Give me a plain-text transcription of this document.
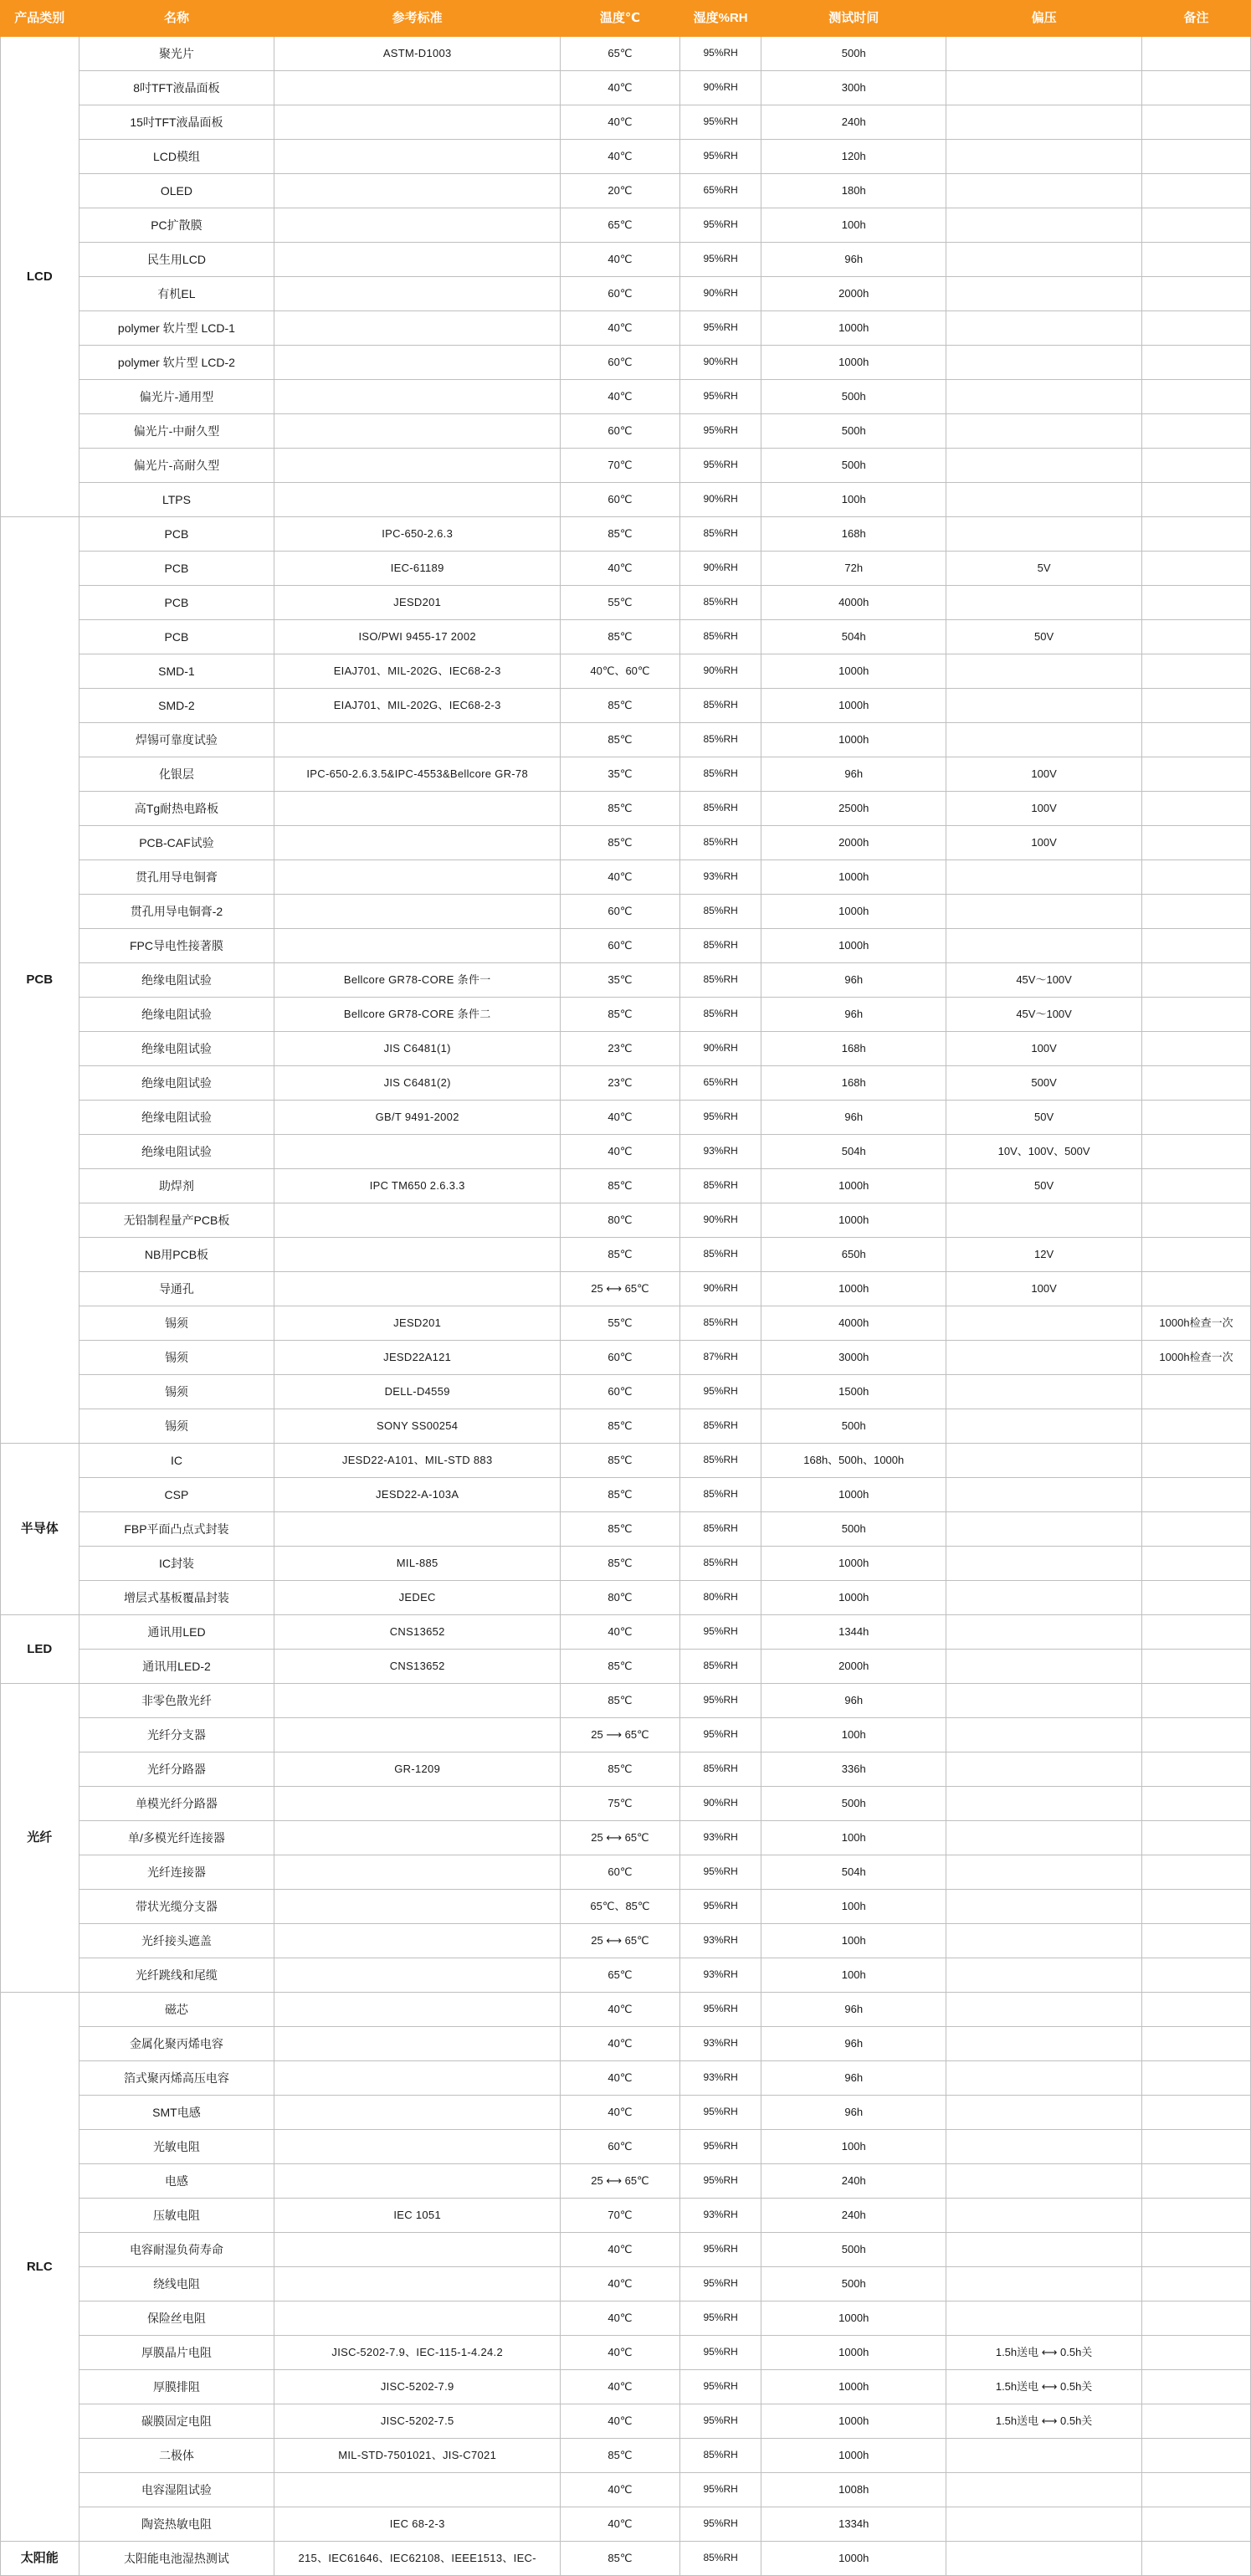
产品类别	名称	参考标准	温度℃	湿度%RH	测试时间	偏压	备注
LCD	聚光片	ASTM-D1003	65℃	95%RH	500h		
	8吋TFT液晶面板		40℃	90%RH	300h		
	15吋TFT液晶面板		40℃	95%RH	240h		
	LCD模组		40℃	95%RH	120h		
	OLED		20℃	65%RH	180h		
	PC扩散膜		65℃	95%RH	100h		
	民生用LCD		40℃	95%RH	96h		
	有机EL		60℃	90%RH	2000h		
	polymer 软片型 LCD-1		40℃	95%RH	1000h		
	polymer 软片型 LCD-2		60℃	90%RH	1000h		
	偏光片-通用型		40℃	95%RH	500h		
	偏光片-中耐久型		60℃	95%RH	500h		
	偏光片-高耐久型		70℃	95%RH	500h		
	LTPS		60℃	90%RH	100h		
PCB	PCB	IPC-650-2.6.3	85℃	85%RH	168h		
	PCB	IEC-61189	40℃	90%RH	72h	5V	
	PCB	JESD201	55℃	85%RH	4000h		
	PCB	ISO/PWI 9455-17 2002	85℃	85%RH	504h	50V	
	SMD-1	EIAJ701、MIL-202G、IEC68-2-3	40℃、60℃	90%RH	1000h		
	SMD-2	EIAJ701、MIL-202G、IEC68-2-3	85℃	85%RH	1000h		
	焊锡可靠度试验		85℃	85%RH	1000h		
	化银层	IPC-650-2.6.3.5&IPC-4553&Bellcore GR-78	35℃	85%RH	96h	100V	
	高Tg耐热电路板		85℃	85%RH	2500h	100V	
	PCB-CAF试验		85℃	85%RH	2000h	100V	
	贯孔用导电铜膏		40℃	93%RH	1000h		
	贯孔用导电铜膏-2		60℃	85%RH	1000h		
	FPC导电性接著膜		60℃	85%RH	1000h		
	绝缘电阻试验	Bellcore GR78-CORE 条件一	35℃	85%RH	96h	45V～100V	
	绝缘电阻试验	Bellcore GR78-CORE 条件二	85℃	85%RH	96h	45V～100V	
	绝缘电阻试验	JIS C6481(1)	23℃	90%RH	168h	100V	
	绝缘电阻试验	JIS C6481(2)	23℃	65%RH	168h	500V	
	绝缘电阻试验	GB/T 9491-2002	40℃	95%RH	96h	50V	
	绝缘电阻试验		40℃	93%RH	504h	10V、100V、500V	
	助焊剂	IPC TM650 2.6.3.3	85℃	85%RH	1000h	50V	
	无铅制程量产PCB板		80℃	90%RH	1000h		
	NB用PCB板		85℃	85%RH	650h	12V	
	导通孔		25 ⟷ 65℃	90%RH	1000h	100V	
	锡须	JESD201	55℃	85%RH	4000h		1000h检查一次
	锡须	JESD22A121	60℃	87%RH	3000h		1000h检查一次
	锡须	DELL-D4559	60℃	95%RH	1500h		
	锡须	SONY SS00254	85℃	85%RH	500h		
半导体	IC	JESD22-A101、MIL-STD 883	85℃	85%RH	168h、500h、1000h		
	CSP	JESD22-A-103A	85℃	85%RH	1000h		
	FBP平面凸点式封装		85℃	85%RH	500h		
	IC封装	MIL-885	85℃	85%RH	1000h		
	增层式基板覆晶封装	JEDEC	80℃	80%RH	1000h		
LED	通讯用LED	CNS13652	40℃	95%RH	1344h		
	通讯用LED-2	CNS13652	85℃	85%RH	2000h		
光纤	非零色散光纤		85℃	95%RH	96h		
	光纤分支器		25 ⟶ 65℃	95%RH	100h		
	光纤分路器	GR-1209	85℃	85%RH	336h		
	单模光纤分路器		75℃	90%RH	500h		
	单/多模光纤连接器		25 ⟷ 65℃	93%RH	100h		
	光纤连接器		60℃	95%RH	504h		
	带状光缆分支器		65℃、85℃	95%RH	100h		
	光纤接头遮盖		25 ⟷ 65℃	93%RH	100h		
	光纤跳线和尾缆		65℃	93%RH	100h		
RLC	磁芯		40℃	95%RH	96h		
	金属化聚丙烯电容		40℃	93%RH	96h		
	箔式聚丙烯高压电容		40℃	93%RH	96h		
	SMT电感		40℃	95%RH	96h		
	光敏电阻		60℃	95%RH	100h		
	电感		25 ⟷ 65℃	95%RH	240h		
	压敏电阻	IEC 1051	70℃	93%RH	240h		
	电容耐湿负荷寿命		40℃	95%RH	500h		
	绕线电阻		40℃	95%RH	500h		
	保险丝电阻		40℃	95%RH	1000h		
	厚膜晶片电阻	JISC-5202-7.9、IEC-115-1-4.24.2	40℃	95%RH	1000h	1.5h送电 ⟷ 0.5h关	
	厚膜排阻	JISC-5202-7.9	40℃	95%RH	1000h	1.5h送电 ⟷ 0.5h关	
	碳膜固定电阻	JISC-5202-7.5	40℃	95%RH	1000h	1.5h送电 ⟷ 0.5h关	
	二极体	MIL-STD-7501021、JIS-C7021	85℃	85%RH	1000h		
	电容湿阻试验		40℃	95%RH	1008h		
	陶瓷热敏电阻	IEC 68-2-3	40℃	95%RH	1334h		
太阳能	太阳能电池湿热测试	215、IEC61646、IEC62108、IEEE1513、IEC-	85℃	85%RH	1000h		
